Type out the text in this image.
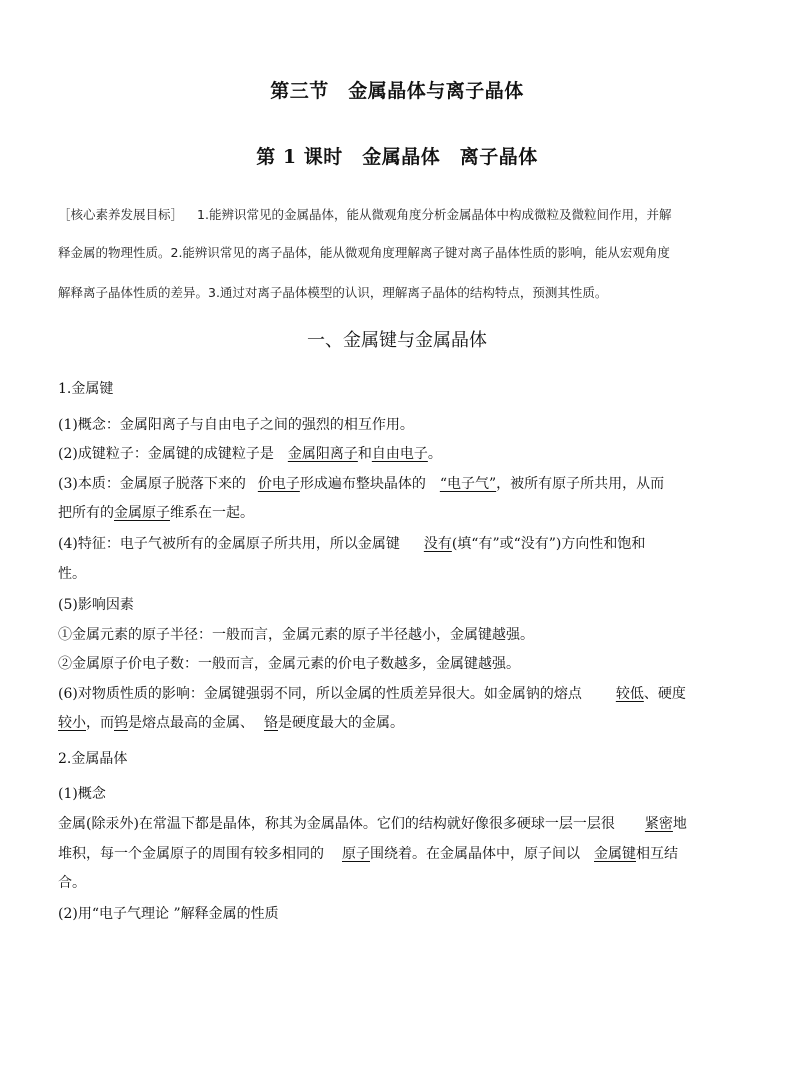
第三节　金属晶体与离子晶体
第 1 课时　金属晶体　离子晶体
［核心素养发展目标］ 1.能辨识常见的金属晶体，能从微观角度分析金属晶体中构成微粒及微粒间作用，并解
释金属的物理性质。2.能辨识常见的离子晶体，能从微观角度理解离子键对离子晶体性质的影响，能从宏观角度
解释离子晶体性质的差异。3.通过对离子晶体模型的认识，理解离子晶体的结构特点，预测其性质。
一、金属键与金属晶体
1.金属键
(1)概念：金属阳离子与自由电子之间的强烈的相互作用。
(2)成键粒子：金属键的成键粒子是 金属阳离子和自由电子。
(3)本质：金属原子脱落下来的 价电子形成遍布整块晶体的 “电子气”，被所有原子所共用，从而
把所有的金属原子维系在一起。
(4)特征：电子气被所有的金属原子所共用，所以金属键 没有(填“有”或“没有”)方向性和饱和
性。
(5)影响因素
①金属元素的原子半径：一般而言，金属元素的原子半径越小，金属键越强。
②金属原子价电子数：一般而言，金属元素的价电子数越多，金属键越强。
(6)对物质性质的影响：金属键强弱不同，所以金属的性质差异很大。如金属钠的熔点 较低、硬度
较小，而钨是熔点最高的金属、 铬是硬度最大的金属。
2.金属晶体
(1)概念
金属(除汞外)在常温下都是晶体，称其为金属晶体。它们的结构就好像很多硬球一层一层很 紧密地
堆积，每一个金属原子的周围有较多相同的 原子围绕着。在金属晶体中，原子间以 金属键相互结
合。
(2)用“电子气理论 ”解释金属的性质
